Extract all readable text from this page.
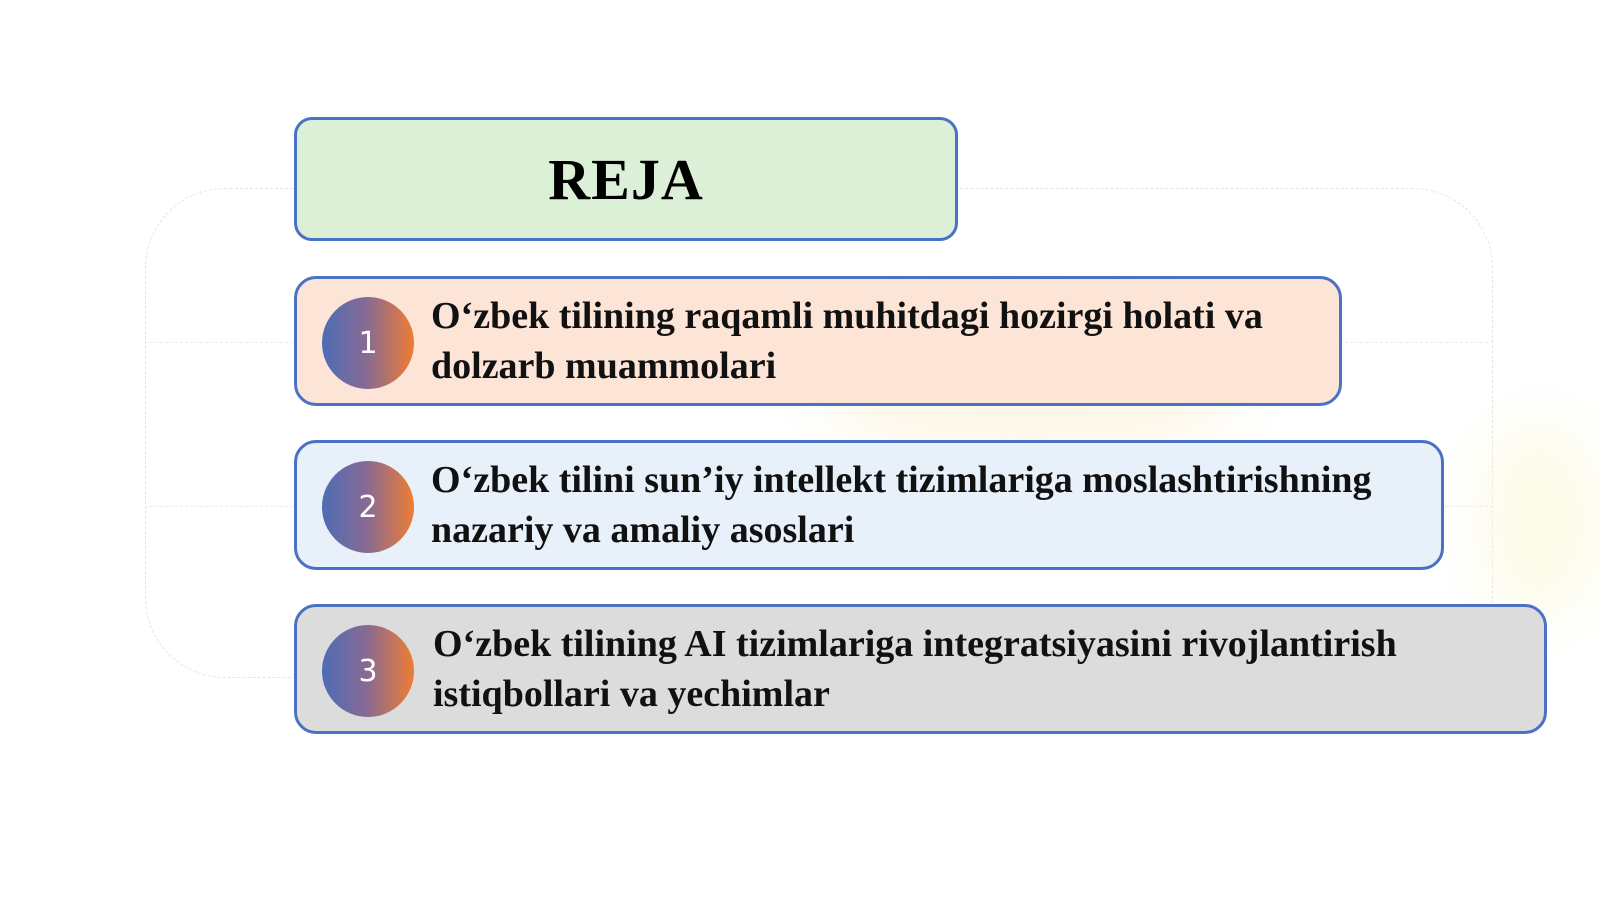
REJA
1
O‘zbek tilining raqamli muhitdagi hozirgi holati va dolzarb muammolari
2
O‘zbek tilini sun’iy intellekt tizimlariga moslashtirishning nazariy va amaliy asoslari
3
O‘zbek tilining AI tizimlariga integratsiyasini rivojlantirish istiqbollari va yechimlar
